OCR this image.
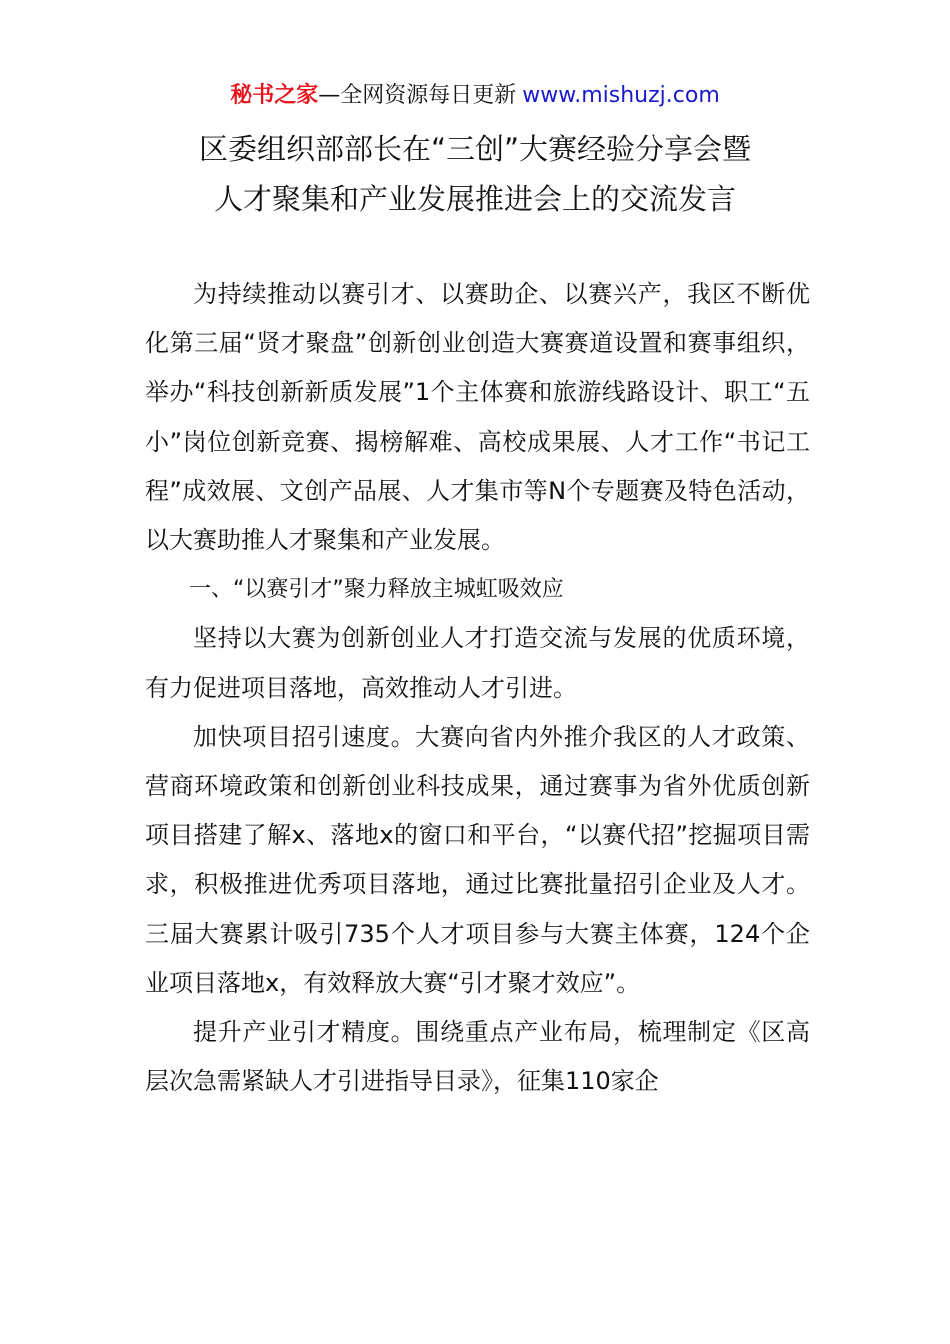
秘书之家—全网资源每日更新 www.mishuzj.com
区委组织部部长在“三创”大赛经验分享会暨
人才聚集和产业发展推进会上的交流发言

为持续推动以赛引才、以赛助企、以赛兴产，我区不断优化第三届“贤才聚盘”创新创业创造大赛赛道设置和赛事组织，举办“科技创新新质发展”1个主体赛和旅游线路设计、职工“五小”岗位创新竞赛、揭榜解难、高校成果展、人才工作“书记工程”成效展、文创产品展、人才集市等N个专题赛及特色活动，以大赛助推人才聚集和产业发展。

一、“以赛引才”聚力释放主城虹吸效应

坚持以大赛为创新创业人才打造交流与发展的优质环境，有力促进项目落地，高效推动人才引进。

加快项目招引速度。大赛向省内外推介我区的人才政策、营商环境政策和创新创业科技成果，通过赛事为省外优质创新项目搭建了解x、落地x的窗口和平台，“以赛代招”挖掘项目需求，积极推进优秀项目落地，通过比赛批量招引企业及人才。三届大赛累计吸引735个人才项目参与大赛主体赛，124个企业项目落地x，有效释放大赛“引才聚才效应”。

提升产业引才精度。围绕重点产业布局，梳理制定《区高层次急需紧缺人才引进指导目录》，征集110家企
